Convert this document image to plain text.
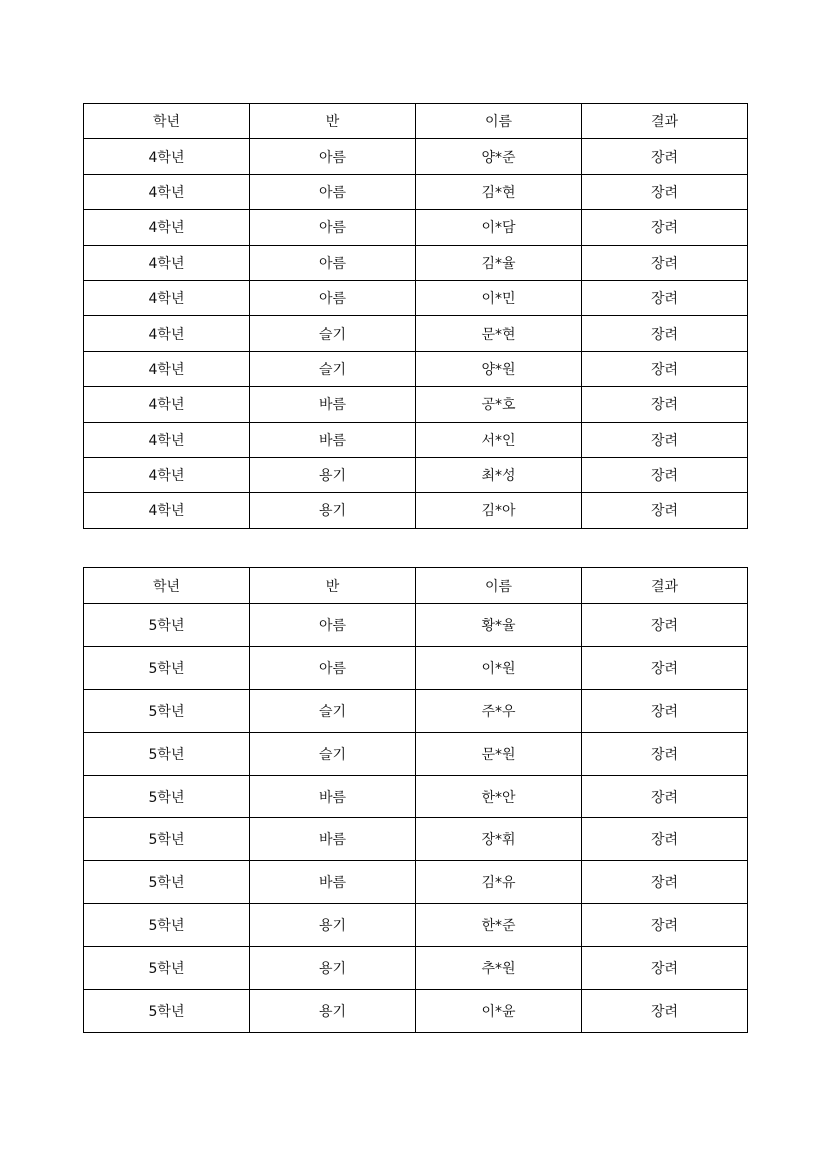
학년	반	이름	결과
4학년	아름	양*준	장려
4학년	아름	김*현	장려
4학년	아름	이*담	장려
4학년	아름	김*율	장려
4학년	아름	이*민	장려
4학년	슬기	문*현	장려
4학년	슬기	양*원	장려
4학년	바름	공*호	장려
4학년	바름	서*인	장려
4학년	용기	최*성	장려
4학년	용기	김*아	장려
학년	반	이름	결과
5학년	아름	황*율	장려
5학년	아름	이*원	장려
5학년	슬기	주*우	장려
5학년	슬기	문*원	장려
5학년	바름	한*안	장려
5학년	바름	장*휘	장려
5학년	바름	김*유	장려
5학년	용기	한*준	장려
5학년	용기	추*원	장려
5학년	용기	이*윤	장려
